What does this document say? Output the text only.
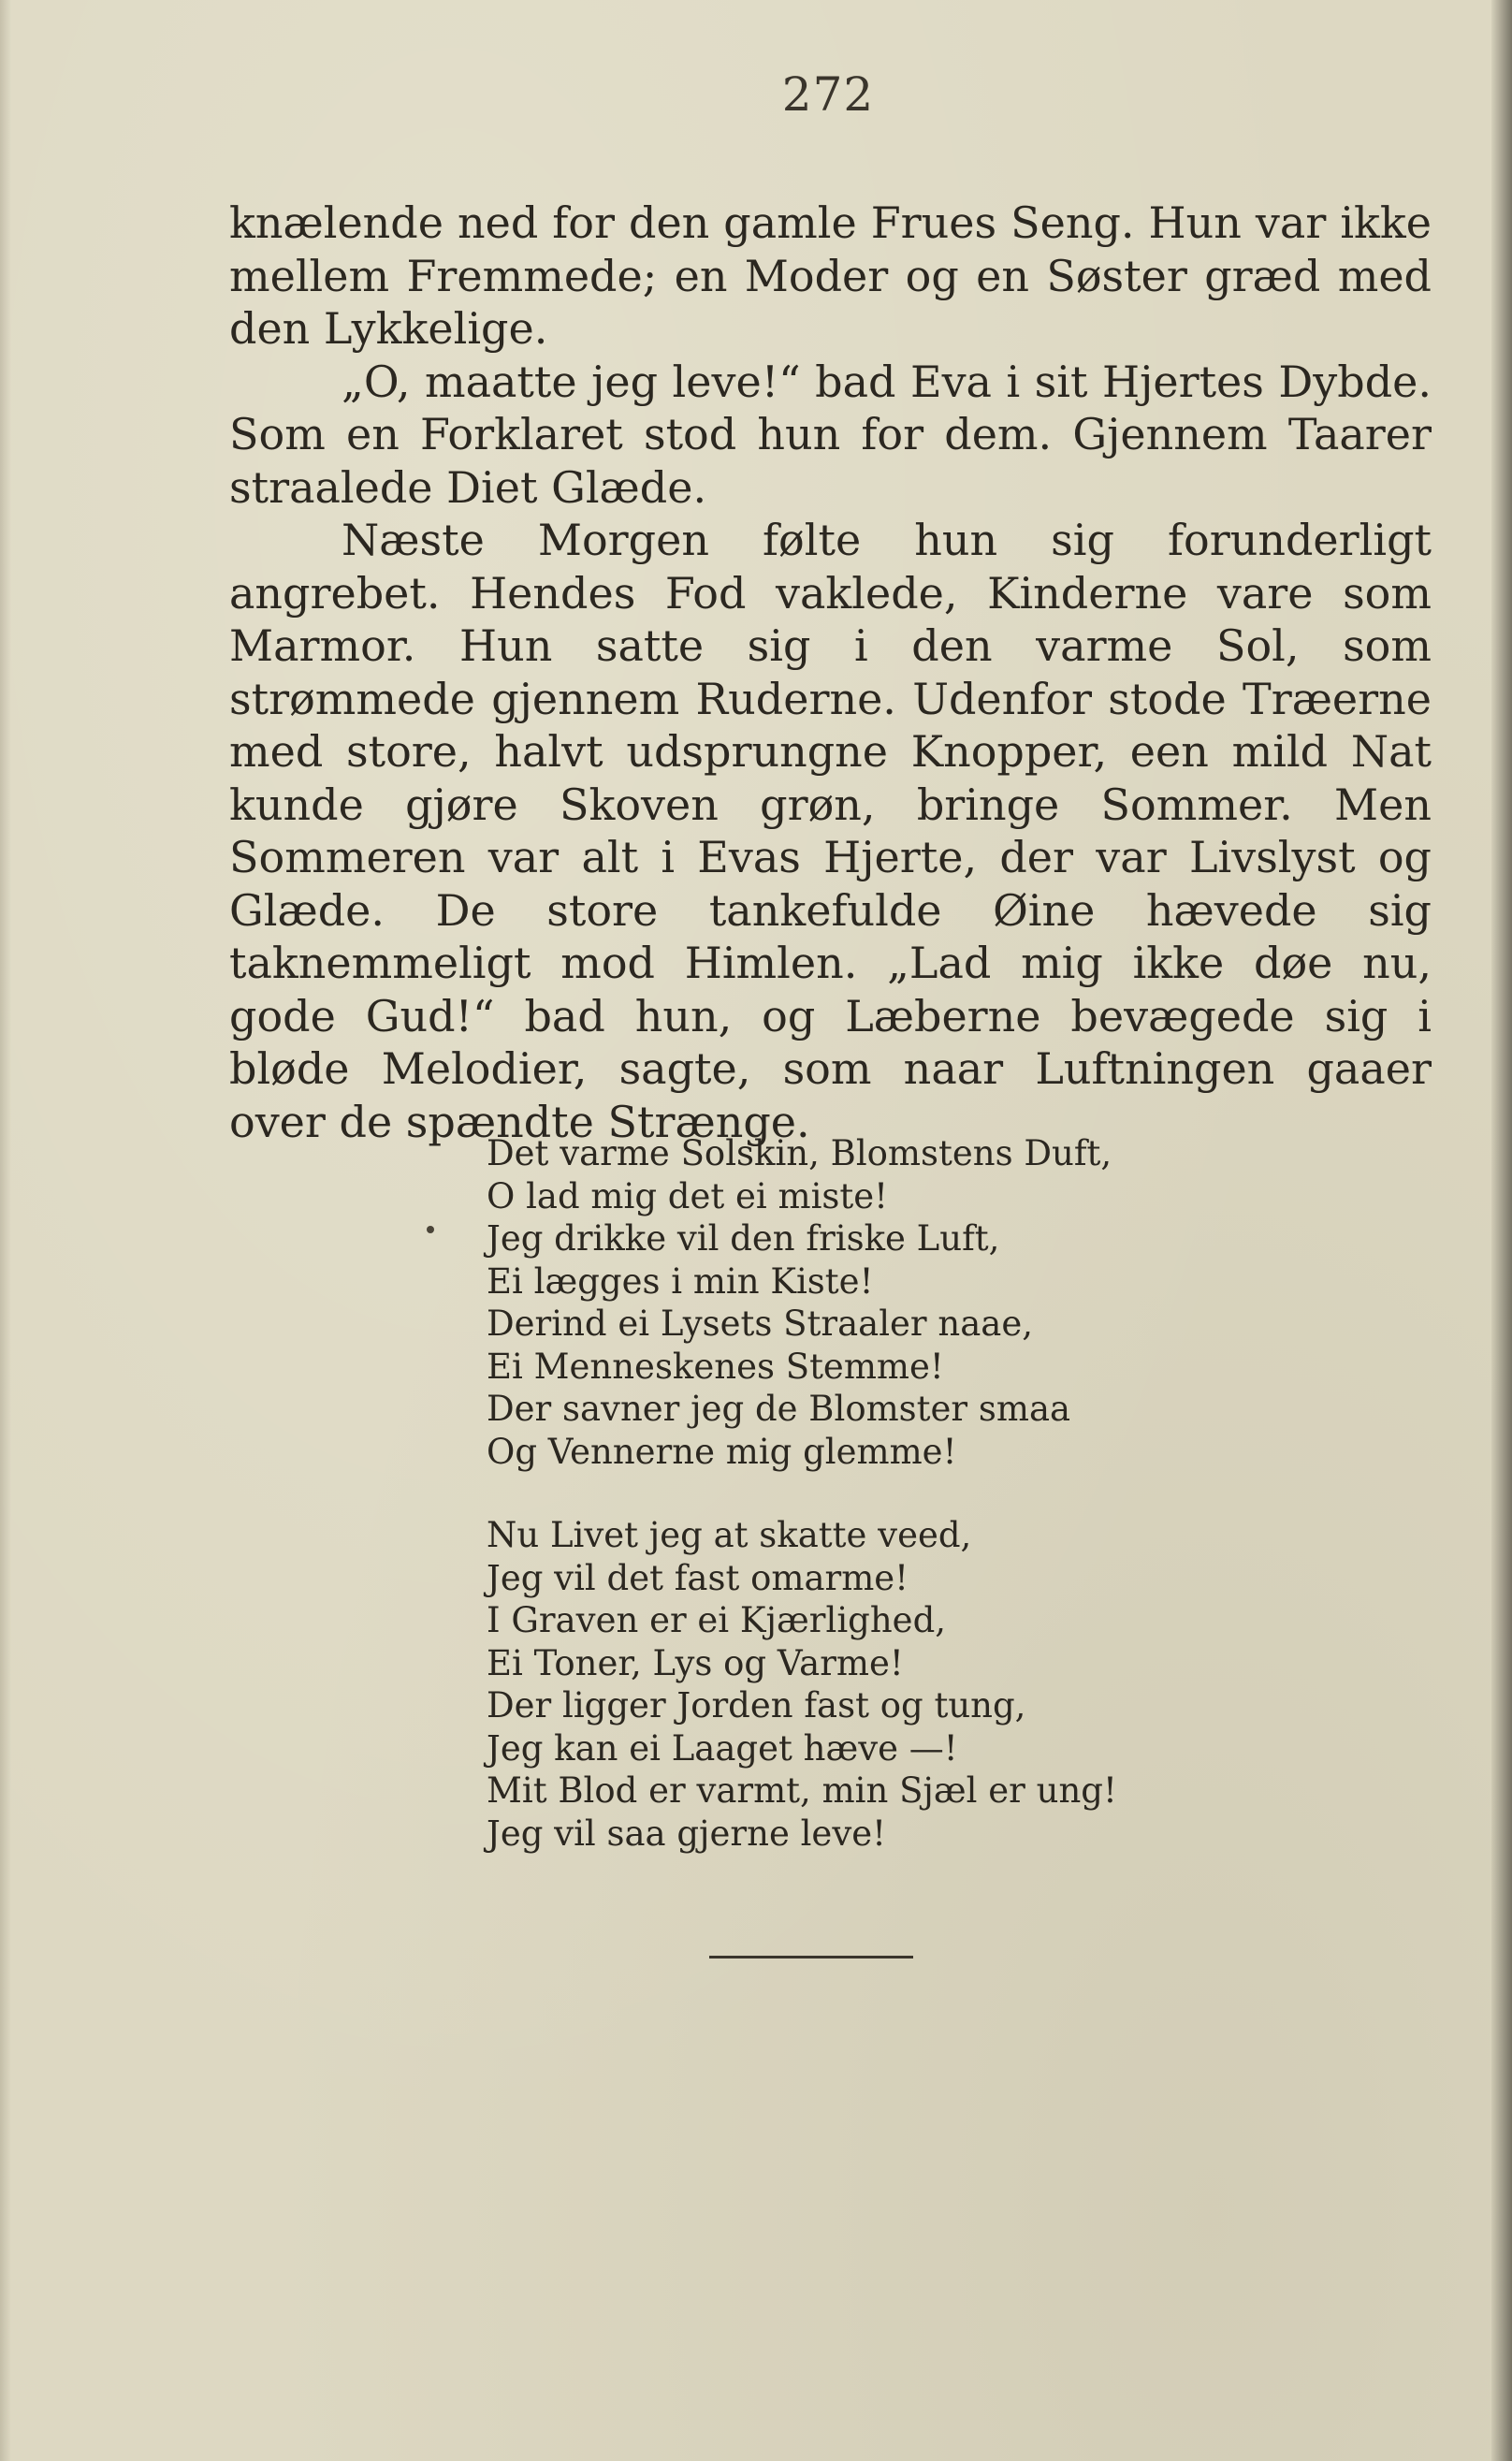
272

knælende ned for den gamle Frues Seng. Hun var ikke mellem Fremmede; en Moder og en Søster græd med den Lykkelige.

„O, maatte jeg leve!“ bad Eva i sit Hjertes Dybde. Som en Forklaret stod hun for dem. Gjennem Taarer straalede Diet Glæde.

Næste Morgen følte hun sig forunderligt angrebet. Hendes Fod vaklede, Kinderne vare som Marmor. Hun satte sig i den varme Sol, som strømmede gjennem Ruderne. Udenfor stode Træerne med store, halvt udsprungne Knopper, een mild Nat kunde gjøre Skoven grøn, bringe Sommer. Men Sommeren var alt i Evas Hjerte, der var Livslyst og Glæde. De store tankefulde Øine hævede sig taknemmeligt mod Himlen. „Lad mig ikke døe nu, gode Gud!“ bad hun, og Læberne bevægede sig i bløde Melodier, sagte, som naar Luftningen gaaer over de spændte Strænge.

Det varme Solskin, Blomstens Duft,
O lad mig det ei miste!
Jeg drikke vil den friske Luft,
Ei lægges i min Kiste!
Derind ei Lysets Straaler naae,
Ei Menneskenes Stemme!
Der savner jeg de Blomster smaa
Og Vennerne mig glemme!
Nu Livet jeg at skatte veed,
Jeg vil det fast omarme!
I Graven er ei Kjærlighed,
Ei Toner, Lys og Varme!
Der ligger Jorden fast og tung,
Jeg kan ei Laaget hæve —!
Mit Blod er varmt, min Sjæl er ung!
Jeg vil saa gjerne leve!
